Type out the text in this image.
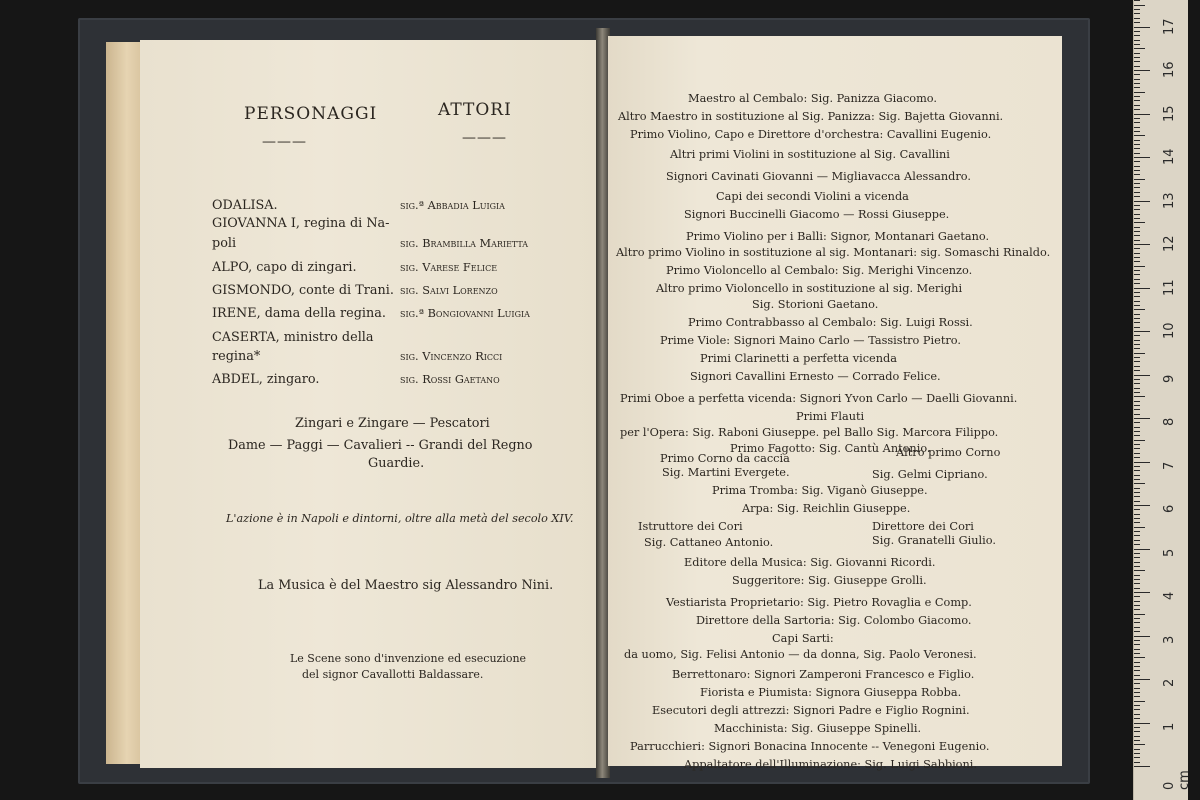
PERSONAGGI	ATTORI
———	———
ODALISA.	sig.ª Abbadia Luigia
GIOVANNA I, regina di Na-
poli	sig. Brambilla Marietta
ALPO, capo di zingari.	sig. Varese Felice
GISMONDO, conte di Trani. sig. Salvi Lorenzo
IRENE, dama della regina. sig.ª Bongiovanni Luigia
CASERTA, ministro della
regina*	sig. Vincenzo Ricci
ABDEL, zingaro.	sig. Rossi Gaetano
Zingari e Zingare — Pescatori
Dame — Paggi — Cavalieri -- Grandi del Regno
Guardie.
L'azione è in Napoli e dintorni, oltre alla metà del secolo XIV.
La Musica è del Maestro sig Alessandro Nini.
Le Scene sono d'invenzione ed esecuzione
del signor Cavallotti Baldassare.
Maestro al Cembalo: Sig. Panizza Giacomo.
Altro Maestro in sostituzione al Sig. Panizza: Sig. Bajetta Giovanni.
Primo Violino, Capo e Direttore d'orchestra: Cavallini Eugenio.
Altri primi Violini in sostituzione al Sig. Cavallini
Signori Cavinati Giovanni — Migliavacca Alessandro.
Capi dei secondi Violini a vicenda
Signori Buccinelli Giacomo — Rossi Giuseppe.
Primo Violino per i Balli: Signor, Montanari Gaetano.
Altro primo Violino in sostituzione al sig. Montanari: sig. Somaschi Rinaldo.
Primo Violoncello al Cembalo: Sig. Merighi Vincenzo.
Altro primo Violoncello in sostituzione al sig. Merighi
Sig. Storioni Gaetano.
Primo Contrabbasso al Cembalo: Sig. Luigi Rossi.
Prime Viole: Signori Maino Carlo — Tassistro Pietro.
Primi Clarinetti a perfetta vicenda
Signori Cavallini Ernesto — Corrado Felice.
Primi Oboe a perfetta vicenda: Signori Yvon Carlo — Daelli Giovanni.
Primi Flauti
per l'Opera: Sig. Raboni Giuseppe. pel Ballo Sig. Marcora Filippo.
Primo Fagotto: Sig. Cantù Antonio.
Primo Corno da caccia	Altro primo Corno
Sig. Martini Evergete.	Sig. Gelmi Cipriano.
Prima Tromba: Sig. Viganò Giuseppe.
Arpa: Sig. Reichlin Giuseppe.
Istruttore dei Cori	Direttore dei Cori
Sig. Cattaneo Antonio.	Sig. Granatelli Giulio.
Editore della Musica: Sig. Giovanni Ricordi.
Suggeritore: Sig. Giuseppe Grolli.
Vestiarista Proprietario: Sig. Pietro Rovaglia e Comp.
Direttore della Sartoria: Sig. Colombo Giacomo.
Capi Sarti:
da uomo, Sig. Felisi Antonio — da donna, Sig. Paolo Veronesi.
Berrettonaro: Signori Zamperoni Francesco e Figlio.
Fiorista e Piumista: Signora Giuseppa Robba.
Esecutori degli attrezzi: Signori Padre e Figlio Rognini.
Macchinista: Sig. Giuseppe Spinelli.
Parrucchieri: Signori Bonacina Innocente -- Venegoni Eugenio.
Appaltatore dell'Illuminazione: Sig. Luigi Sabbioni.
1
2
3
4
5
6
7
8
9
10
11
12
13
14
15
16
17
0 cm
